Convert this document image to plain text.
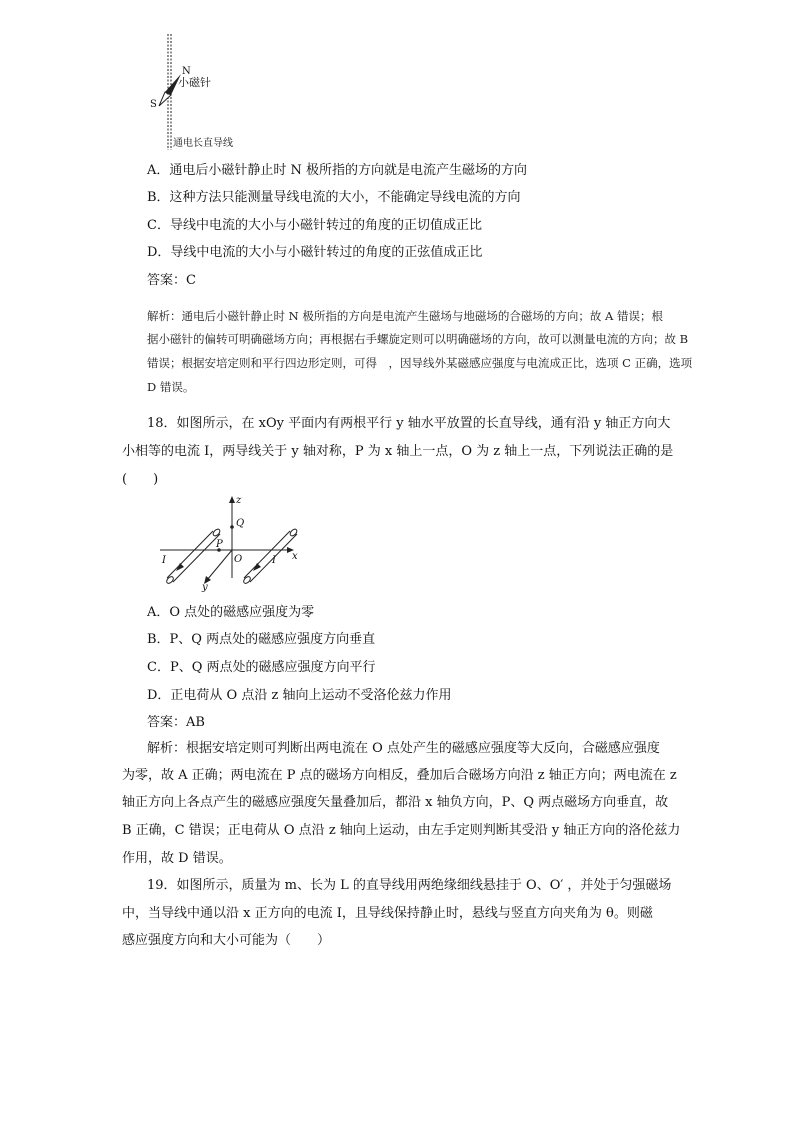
N
小磁针
S
通电长直导线
A．通电后小磁针静止时 N 极所指的方向就是电流产生磁场的方向
B．这种方法只能测量导线电流的大小，不能确定导线电流的方向
C．导线中电流的大小与小磁针转过的角度的正切值成正比
D．导线中电流的大小与小磁针转过的角度的正弦值成正比
答案：C
解析：通电后小磁针静止时 N 极所指的方向是电流产生磁场与地磁场的合磁场的方向；故 A 错误；根
据小磁针的偏转可明确磁场方向；再根据右手螺旋定则可以明确磁场的方向，故可以测量电流的方向；故 B
错误；根据安培定则和平行四边形定则，可得　，因导线外某磁感应强度与电流成正比，选项 C 正确，选项
D 错误。
18．如图所示，在 xOy 平面内有两根平行 y 轴水平放置的长直导线，通有沿 y 轴正方向大
小相等的电流 I，两导线关于 y 轴对称，P 为 x 轴上一点，O 为 z 轴上一点，下列说法正确的是
(　　)
z
Q
P
O	x
y
I	I
A．O 点处的磁感应强度为零
B．P、Q 两点处的磁感应强度方向垂直
C．P、Q 两点处的磁感应强度方向平行
D．正电荷从 O 点沿 z 轴向上运动不受洛伦兹力作用
答案：AB
解析：根据安培定则可判断出两电流在 O 点处产生的磁感应强度等大反向，合磁感应强度
为零，故 A 正确；两电流在 P 点的磁场方向相反，叠加后合磁场方向沿 z 轴正方向；两电流在 z
轴正方向上各点产生的磁感应强度矢量叠加后，都沿 x 轴负方向，P、Q 两点磁场方向垂直，故
B 正确，C 错误；正电荷从 O 点沿 z 轴向上运动，由左手定则判断其受沿 y 轴正方向的洛伦兹力
作用，故 D 错误。
19．如图所示，质量为 m、长为 L 的直导线用两绝缘细线悬挂于 O、O′ ，并处于匀强磁场
中，当导线中通以沿 x 正方向的电流 I，且导线保持静止时，悬线与竖直方向夹角为 θ。则磁
感应强度方向和大小可能为（　　）
